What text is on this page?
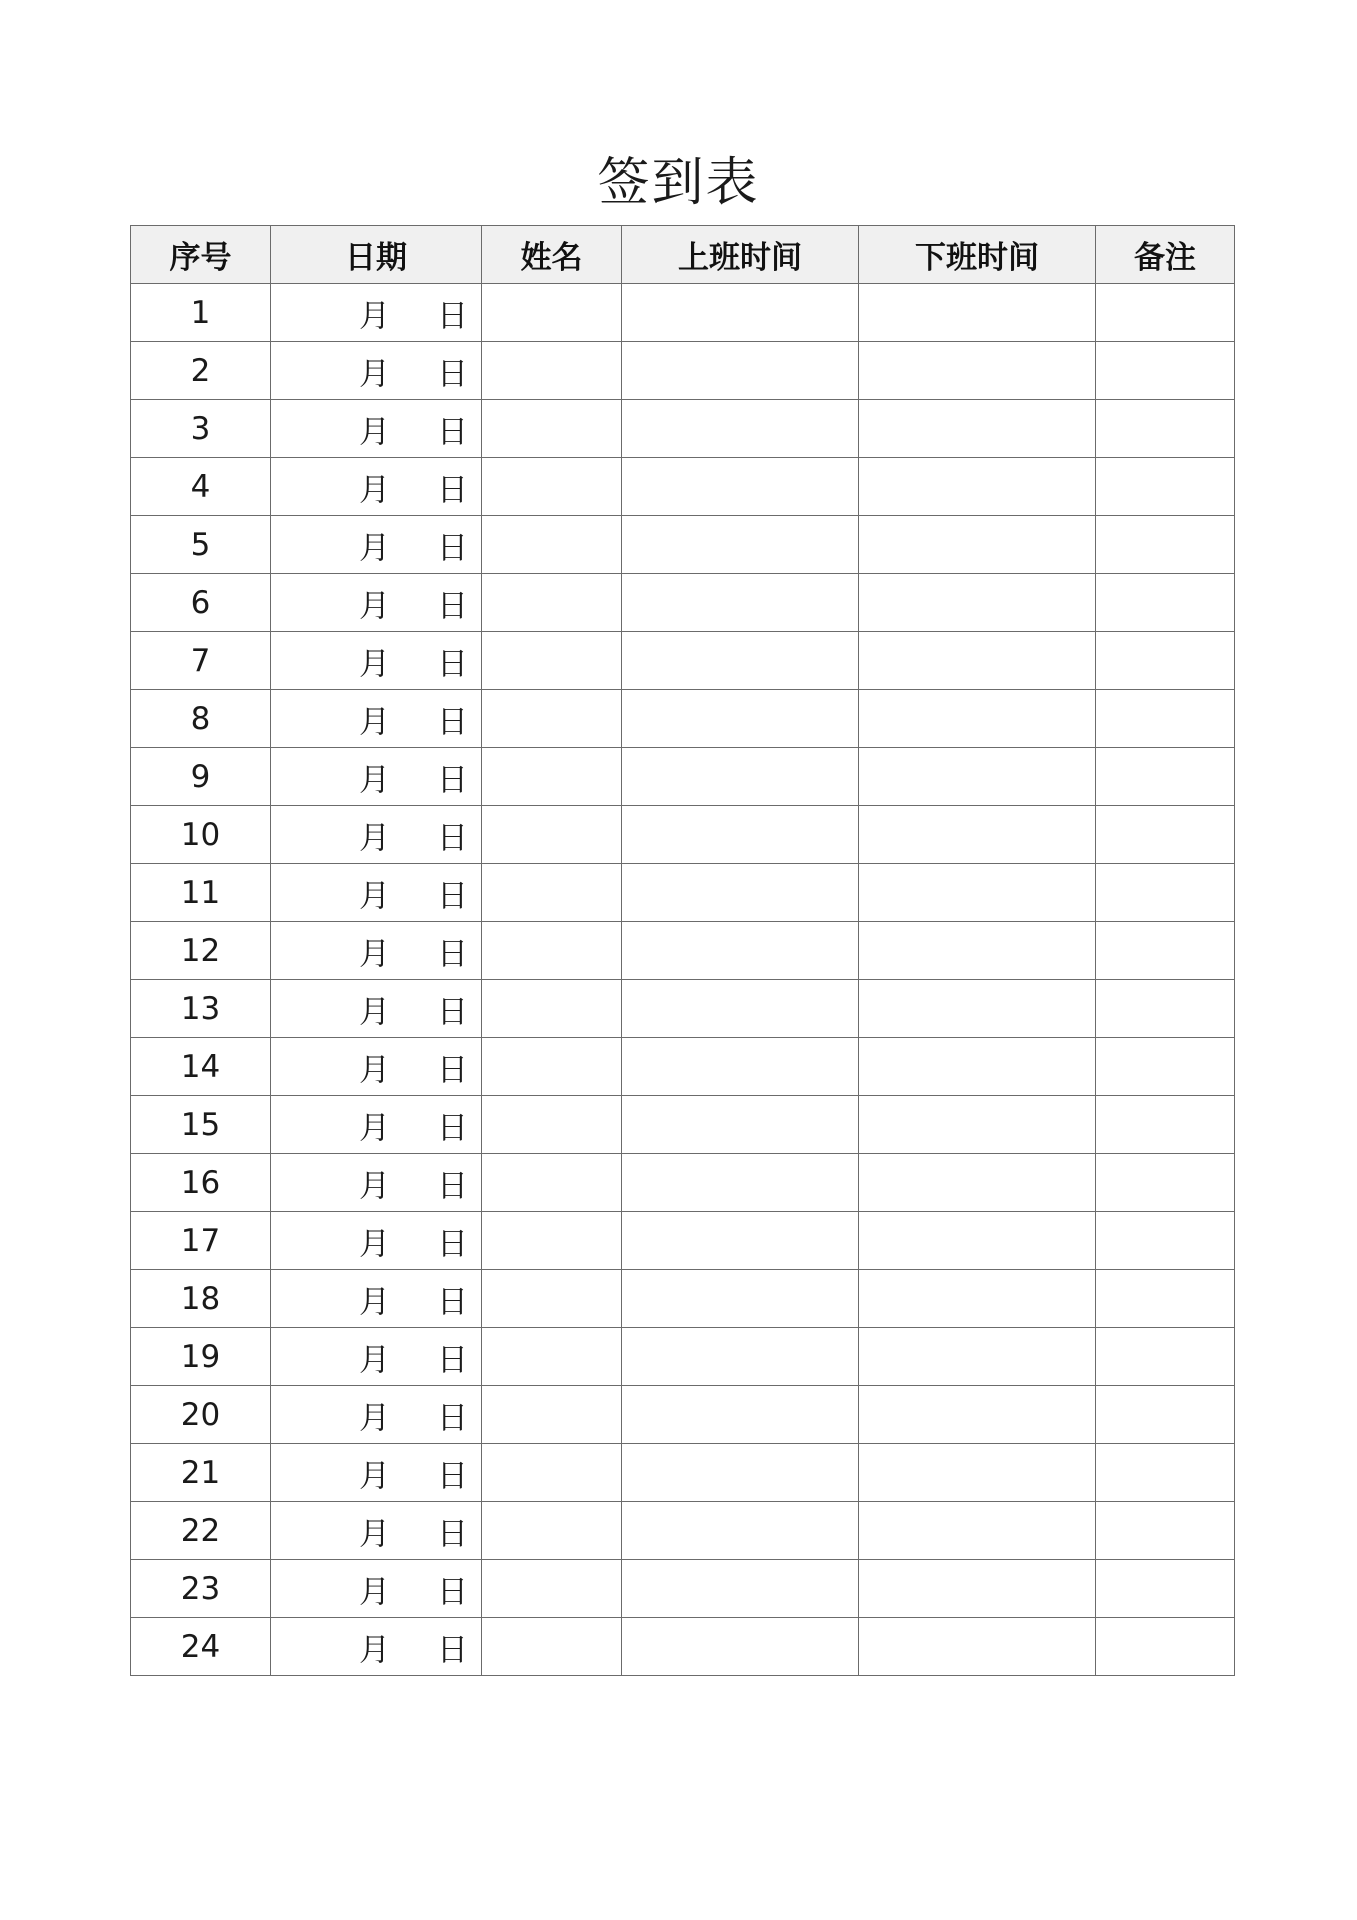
签到表
序号	日期	姓名	上班时间	下班时间	备注
1	月 日				

2	月 日				

3	月 日				

4	月 日				

5	月 日				

6	月 日				

7	月 日				

8	月 日				

9	月 日				

10	月 日				

11	月 日				

12	月 日				

13	月 日				

14	月 日				

15	月 日				

16	月 日				

17	月 日				

18	月 日				

19	月 日				

20	月 日				

21	月 日				

22	月 日				

23	月 日				

24	月 日				
